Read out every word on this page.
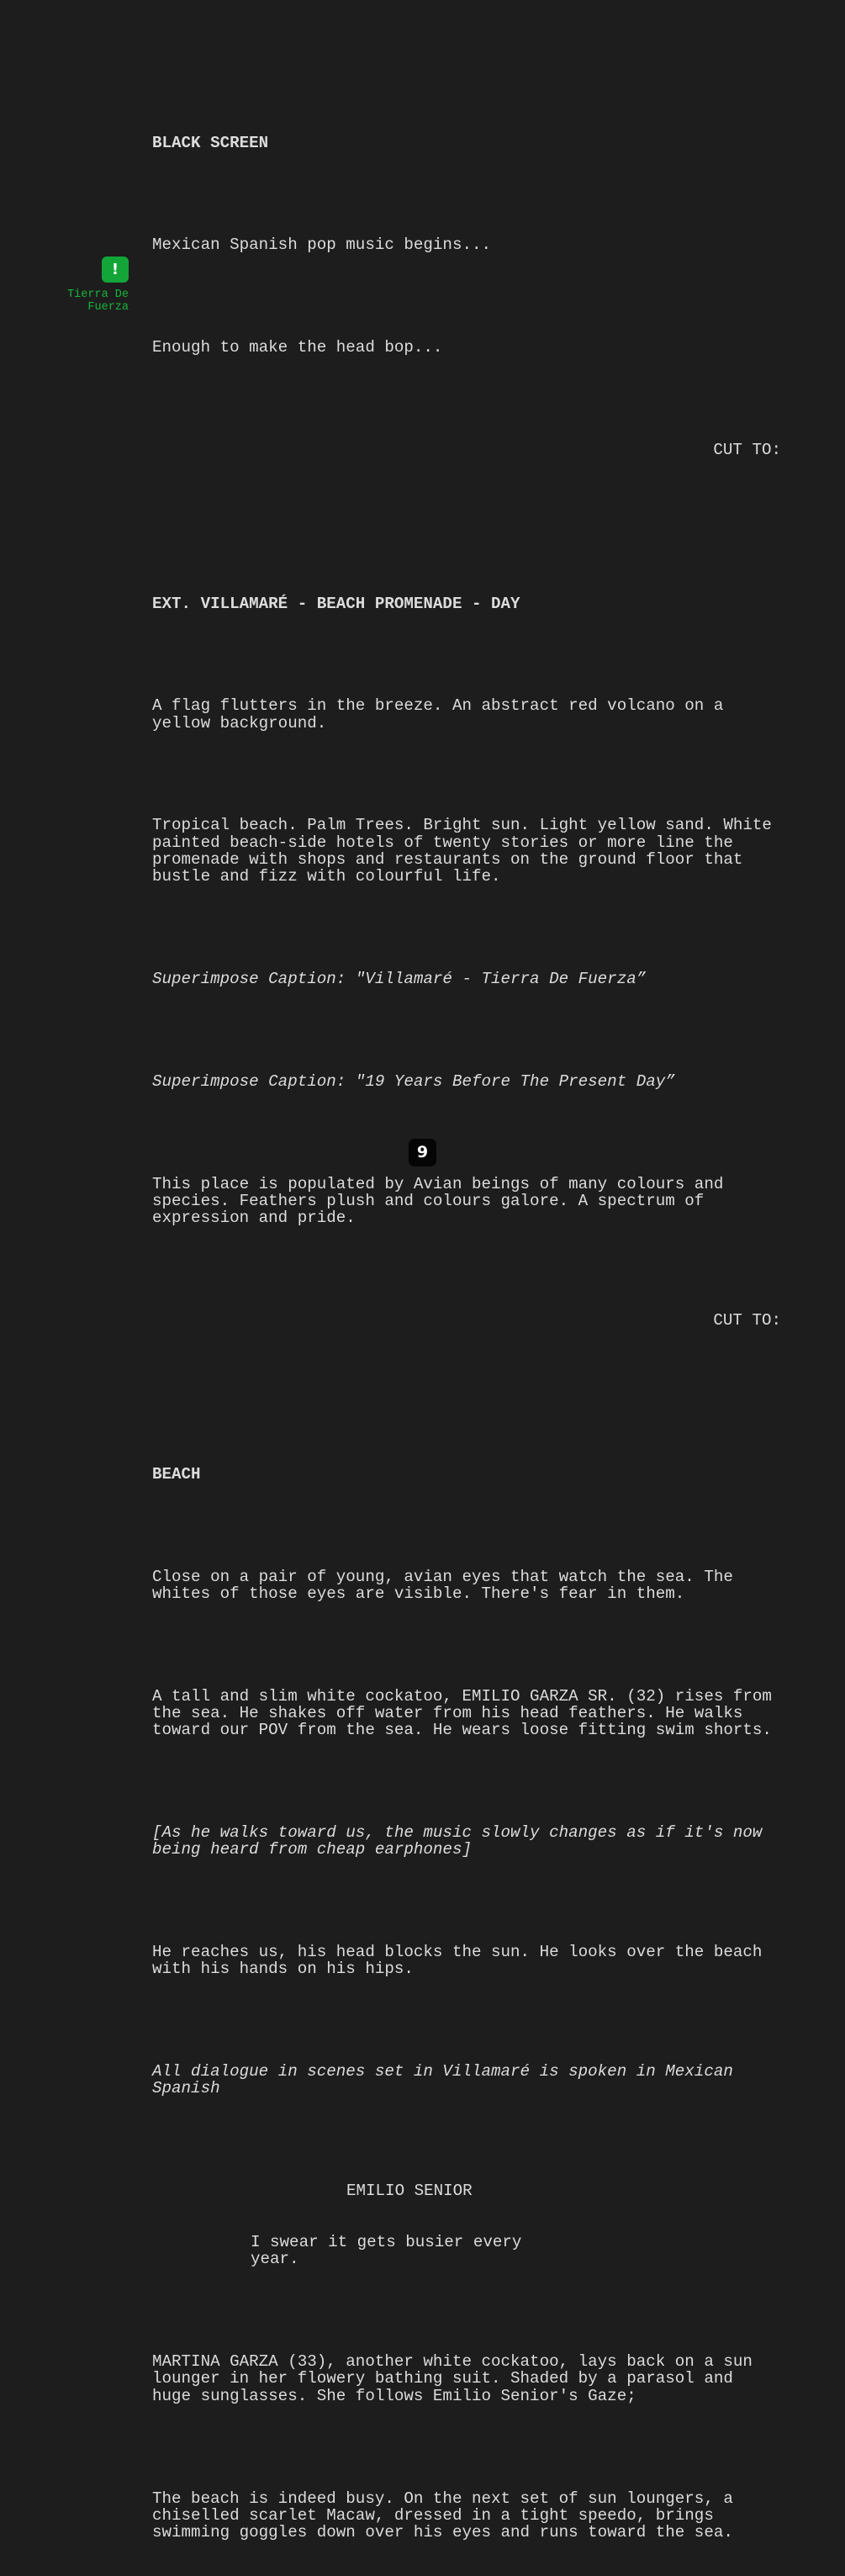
!
Tierra De Fuerza

BLACK SCREEN

Mexican Spanish pop music begins...

Enough to make the head bop...

CUT TO:

EXT. VILLAMARÉ - BEACH PROMENADE - DAY

A flag flutters in the breeze. An abstract red volcano on a yellow background.

Tropical beach. Palm Trees. Bright sun. Light yellow sand. White painted beach-side hotels of twenty stories or more line the promenade with shops and restaurants on the ground floor that bustle and fizz with colourful life.

Superimpose Caption: "Villamaré - Tierra De Fuerza”

Superimpose Caption: "19 Years Before The Present Day”

This place is populated by Avian beings of many colours and species. Feathers plush and colours galore. A spectrum of expression and pride.

CUT TO:

BEACH

Close on a pair of young, avian eyes that watch the sea. The whites of those eyes are visible. There's fear in them.

A tall and slim white cockatoo, EMILIO GARZA SR. (32) rises from the sea. He shakes off water from his head feathers. He walks toward our POV from the sea. He wears loose fitting swim shorts.

[As he walks toward us, the music slowly changes as if it's now being heard from cheap earphones]

He reaches us, his head blocks the sun. He looks over the beach with his hands on his hips.

All dialogue in scenes set in Villamaré is spoken in Mexican Spanish

EMILIO SENIOR

I swear it gets busier every year.

MARTINA GARZA (33), another white cockatoo, lays back on a sun lounger in her flowery bathing suit. Shaded by a parasol and huge sunglasses. She follows Emilio Senior's Gaze;

The beach is indeed busy. On the next set of sun loungers, a chiselled scarlet Macaw, dressed in a tight speedo, brings swimming goggles down over his eyes and runs toward the sea.

9
